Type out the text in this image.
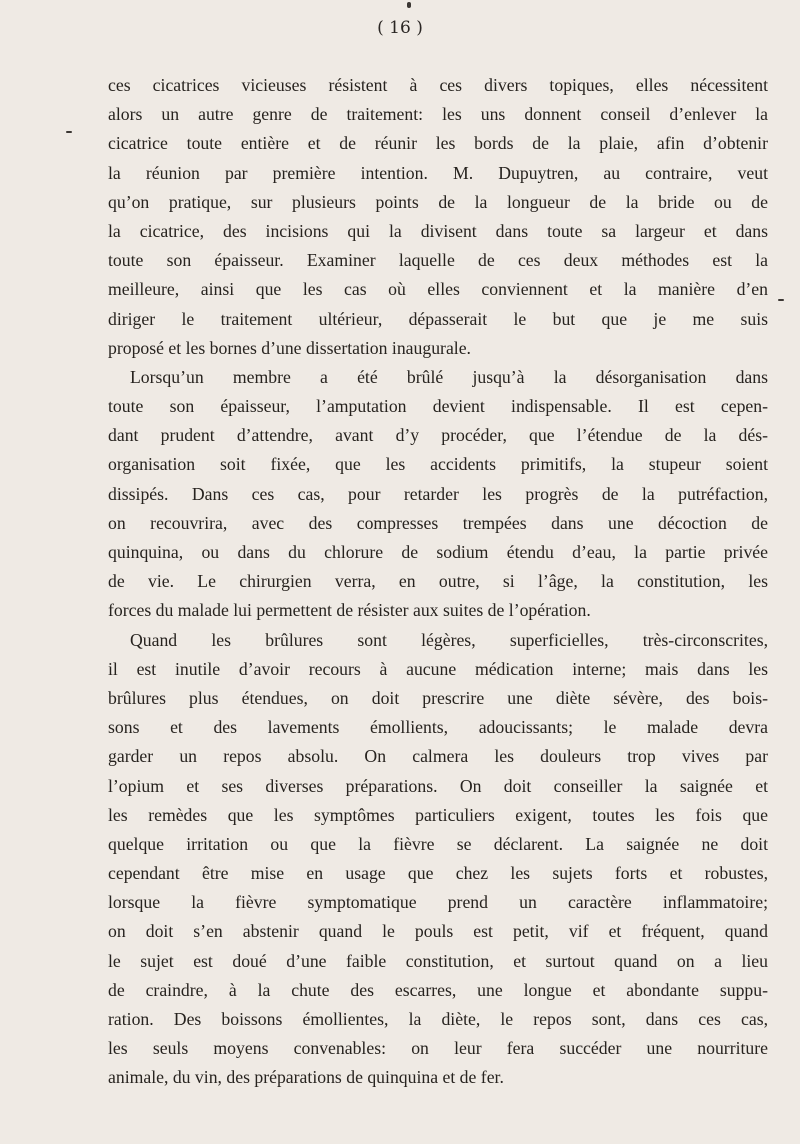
( 16 )
ces cicatrices vicieuses résistent à ces divers topiques, elles nécessitent
alors un autre genre de traitement: les uns donnent conseil d’enlever la
cicatrice toute entière et de réunir les bords de la plaie, afin d’obtenir
la réunion par première intention. M. Dupuytren, au contraire, veut
qu’on pratique, sur plusieurs points de la longueur de la bride ou de
la cicatrice, des incisions qui la divisent dans toute sa largeur et dans
toute son épaisseur. Examiner laquelle de ces deux méthodes est la
meilleure, ainsi que les cas où elles conviennent et la manière d’en
diriger le traitement ultérieur, dépasserait le but que je me suis
proposé et les bornes d’une dissertation inaugurale.
Lorsqu’un membre a été brûlé jusqu’à la désorganisation dans
toute son épaisseur, l’amputation devient indispensable. Il est cepen-
dant prudent d’attendre, avant d’y procéder, que l’étendue de la dés-
organisation soit fixée, que les accidents primitifs, la stupeur soient
dissipés. Dans ces cas, pour retarder les progrès de la putréfaction,
on recouvrira, avec des compresses trempées dans une décoction de
quinquina, ou dans du chlorure de sodium étendu d’eau, la partie privée
de vie. Le chirurgien verra, en outre, si l’âge, la constitution, les
forces du malade lui permettent de résister aux suites de l’opération.
Quand les brûlures sont légères, superficielles, très-circonscrites,
il est inutile d’avoir recours à aucune médication interne; mais dans les
brûlures plus étendues, on doit prescrire une diète sévère, des bois-
sons et des lavements émollients, adoucissants; le malade devra
garder un repos absolu. On calmera les douleurs trop vives par
l’opium et ses diverses préparations. On doit conseiller la saignée et
les remèdes que les symptômes particuliers exigent, toutes les fois que
quelque irritation ou que la fièvre se déclarent. La saignée ne doit
cependant être mise en usage que chez les sujets forts et robustes,
lorsque la fièvre symptomatique prend un caractère inflammatoire;
on doit s’en abstenir quand le pouls est petit, vif et fréquent, quand
le sujet est doué d’une faible constitution, et surtout quand on a lieu
de craindre, à la chute des escarres, une longue et abondante suppu-
ration. Des boissons émollientes, la diète, le repos sont, dans ces cas,
les seuls moyens convenables: on leur fera succéder une nourriture
animale, du vin, des préparations de quinquina et de fer.
